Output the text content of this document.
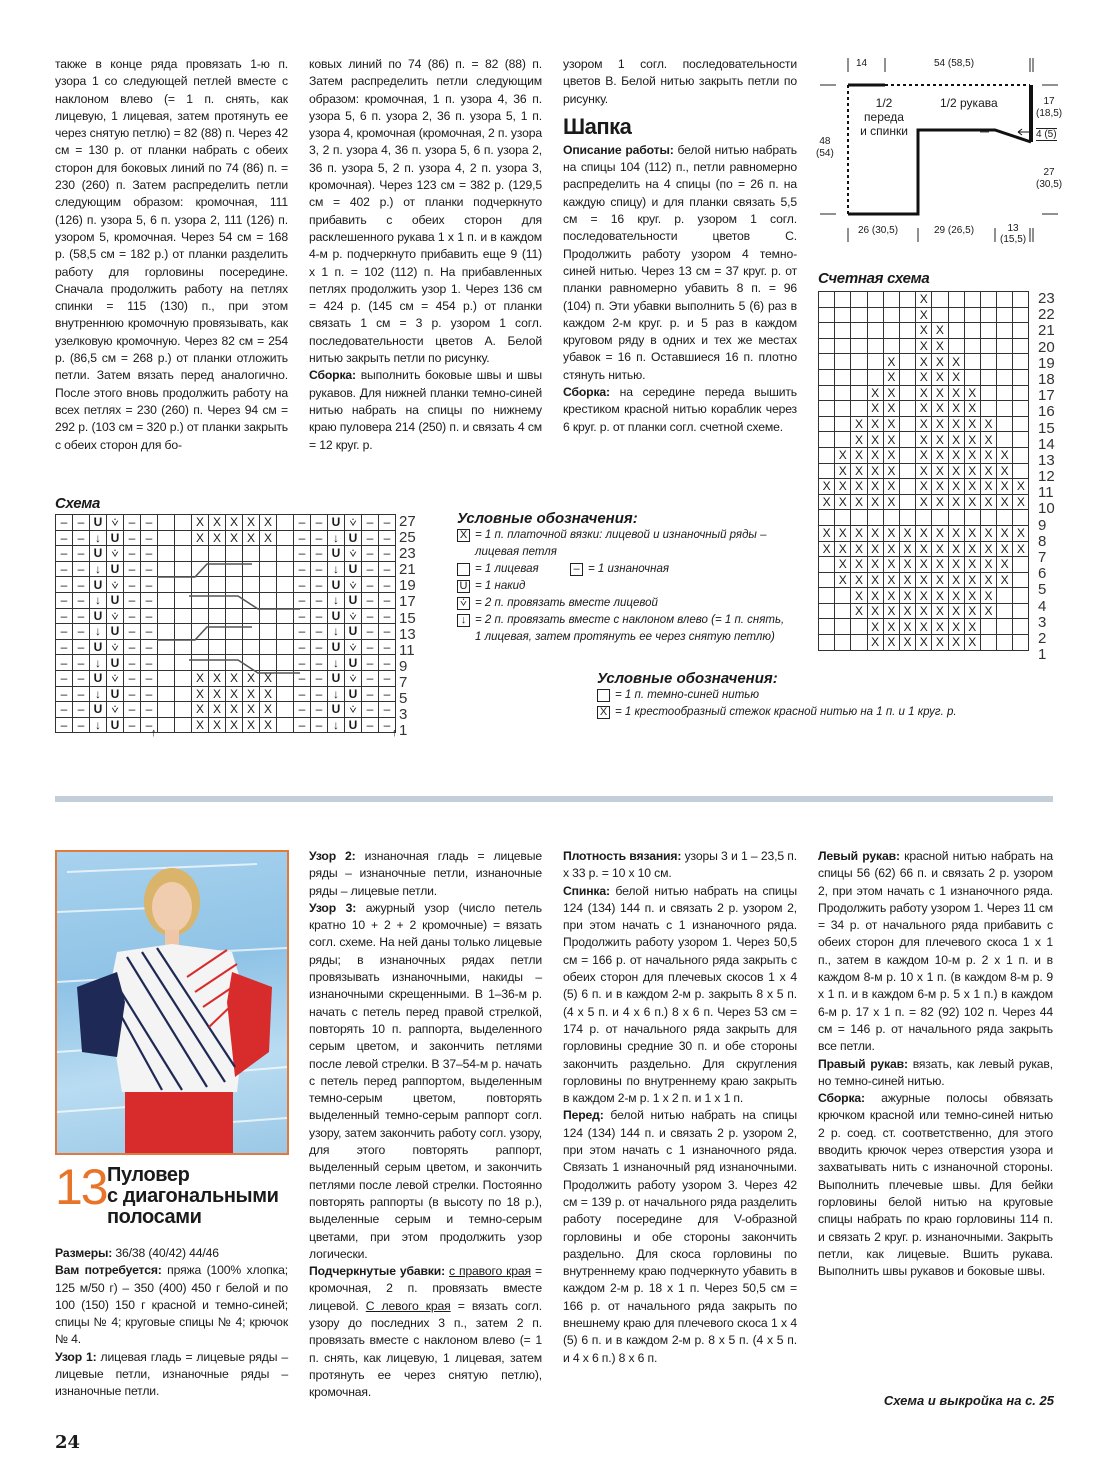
также в конце ряда провязать 1-ю п. узора 1 со следующей петлей вместе с наклоном влево (= 1 п. снять, как лицевую, 1 лицевая, затем протянуть ее через снятую петлю) = 82 (88) п. Через 42 см = 130 р. от планки набрать с обеих сторон для боковых линий по 74 (86) п. = 230 (260) п. Затем распределить петли следующим образом: кромочная, 111 (126) п. узора 5, 6 п. узора 2, 111 (126) п. узором 5, кромочная. Через 54 см = 168 р. (58,5 см = 182 р.) от планки разделить работу для горловины посередине. Сначала продолжить работу на петлях спинки = 115 (130) п., при этом внутреннюю кромочную провязывать, как узелковую кромочную. Через 82 см = 254 р. (86,5 см = 268 р.) от планки отложить петли. Затем вязать перед аналогично. После этого вновь продолжить работу на всех петлях = 230 (260) п. Через 94 см = 292 р. (103 см = 320 р.) от планки закрыть с обеих сторон для бо-

ковых линий по 74 (86) п. = 82 (88) п. Затем распределить петли следующим образом: кромочная, 1 п. узора 4, 36 п. узора 5, 6 п. узора 2, 36 п. узора 5, 1 п. узора 4, кромочная (кромочная, 2 п. узора 3, 2 п. узора 4, 36 п. узора 5, 6 п. узора 2, 36 п. узора 5, 2 п. узора 4, 2 п. узора 3, кромочная). Через 123 см = 382 р. (129,5 см = 402 р.) от планки подчеркнуто прибавить с обеих сторон для расклешенного рукава 1 х 1 п. и в каждом 4-м р. подчеркнуто прибавить еще 9 (11) х 1 п. = 102 (112) п. На прибавленных петлях продолжить узор 1. Через 136 см = 424 р. (145 см = 454 р.) от планки связать 1 см = 3 р. узором 1 согл. последовательности цветов А. Белой нитью закрыть петли по рисунку.

Сборка: выполнить боковые швы и швы рукавов. Для нижней планки темно-синей нитью набрать на спицы по нижнему краю пуловера 214 (250) п. и связать 4 см = 12 круг. р.

узором 1 согл. последовательности цветов В. Белой нитью закрыть петли по рисунку.

Шапка

Описание работы: белой нитью набрать на спицы 104 (112) п., петли равномерно распределить на 4 спицы (по = 26 п. на каждую спицу) и для планки связать 5,5 см = 16 круг. р. узором 1 согл. последовательности цветов С. Продолжить работу узором 4 темно-синей нитью. Через 13 см = 37 круг. р. от планки равномерно убавить 8 п. = 96 (104) п. Эти убавки выполнить 5 (6) раз в каждом 2-м круг. р. и 5 раз в каждом круговом ряду в одних и тех же местах убавок = 16 п. Оставшиеся 16 п. плотно стянуть нитью.

Сборка: на середине переда вышить крестиком красной нитью кораблик через 6 круг. р. от планки согл. счетной схеме.

14	54 (58,5)
48
(54)
17
(18,5)
4 (5)
27
(30,5)
26 (30,5)	29 (26,5)	13
(15,5)
1/2
переда
и спинки
1/2 рукава
Счетная схема
						X						
						X						
						X	X					
						X	X					
				X		X	X	X				
				X		X	X	X				
			X	X		X	X	X	X			
			X	X		X	X	X	X			
		X	X	X		X	X	X	X	X		
		X	X	X		X	X	X	X	X		
	X	X	X	X		X	X	X	X	X	X	
	X	X	X	X		X	X	X	X	X	X	
X	X	X	X	X		X	X	X	X	X	X	X
X	X	X	X	X		X	X	X	X	X	X	X

X	X	X	X	X	X	X	X	X	X	X	X	X
X	X	X	X	X	X	X	X	X	X	X	X	X
	X	X	X	X	X	X	X	X	X	X	X	
	X	X	X	X	X	X	X	X	X	X	X	
		X	X	X	X	X	X	X	X	X		
		X	X	X	X	X	X	X	X	X		
			X	X	X	X	X	X	X			
			X	X	X	X	X	X	X			
23
22
21
20
19
18
17
16
15
14
13
12
11
10
9
8
7
6
5
4
3
2
1
Схема
–	–	U	⩒	–	–			X	X	X	X	X		–	–	U	⩒	–	–
–	–	↓	U	–	–			X	X	X	X	X		–	–	↓	U	–	–
–	–	U	⩒	–	–									–	–	U	⩒	–	–
–	–	↓	U	–	–									–	–	↓	U	–	–
–	–	U	⩒	–	–									–	–	U	⩒	–	–
–	–	↓	U	–	–									–	–	↓	U	–	–
–	–	U	⩒	–	–									–	–	U	⩒	–	–
–	–	↓	U	–	–									–	–	↓	U	–	–
–	–	U	⩒	–	–									–	–	U	⩒	–	–
–	–	↓	U	–	–									–	–	↓	U	–	–
–	–	U	⩒	–	–			X	X	X	X	X		–	–	U	⩒	–	–
–	–	↓	U	–	–			X	X	X	X	X		–	–	↓	U	–	–
–	–	U	⩒	–	–			X	X	X	X	X		–	–	U	⩒	–	–
–	–	↓	U	–	–			X	X	X	X	X		–	–	↓	U	–	–
↑	↑
27
25
23
21
19
17
15
13
11
9
7
5
3
1
Условные обозначения:
X = 1 п. платочной вязки: лицевой и изнаночный ряды –
лицевая петля
= 1 лицевая	– = 1 изнаночная
U = 1 накид
⩒ = 2 п. провязать вместе лицевой
↓ = 2 п. провязать вместе с наклоном влево (= 1 п. снять,
1 лицевая, затем протянуть ее через снятую петлю)
Условные обозначения:
= 1 п. темно-синей нитью
X = 1 крестообразный стежок красной нитью на 1 п. и 1 круг. р.
13 Пуловер
с диагональными
полосами

Размеры: 36/38 (40/42) 44/46

Вам потребуется: пряжа (100% хлопка; 125 м/50 г) – 350 (400) 450 г белой и по 100 (150) 150 г красной и темно-синей; спицы № 4; круговые спицы № 4; крючок № 4.

Узор 1: лицевая гладь = лицевые ряды – лицевые петли, изнаночные ряды – изнаночные петли.

Узор 2: изнаночная гладь = лицевые ряды – изнаночные петли, изнаночные ряды – лицевые петли.

Узор 3: ажурный узор (число петель кратно 10 + 2 + 2 кромочные) = вязать согл. схеме. На ней даны только лицевые ряды; в изнаночных рядах петли провязывать изнаночными, накиды – изнаночными скрещенными. В 1–36-м р. начать с петель перед правой стрелкой, повторять 10 п. раппорта, выделенного серым цветом, и закончить петлями после левой стрелки. В 37–54-м р. начать с петель перед раппортом, выделенным темно-серым цветом, повторять выделенный темно-серым раппорт согл. узору, затем закончить работу согл. узору, для этого повторять раппорт, выделенный серым цветом, и закончить петлями после левой стрелки. Постоянно повторять раппорты (в высоту по 18 р.), выделенные серым и темно-серым цветами, при этом продолжить узор логически.

Подчеркнутые убавки: с правого края = кромочная, 2 п. провязать вместе лицевой. С левого края = вязать согл. узору до последних 3 п., затем 2 п. провязать вместе с наклоном влево (= 1 п. снять, как лицевую, 1 лицевая, затем протянуть ее через снятую петлю), кромочная.

Плотность вязания: узоры 3 и 1 – 23,5 п. х 33 р. = 10 х 10 см.

Спинка: белой нитью набрать на спицы 124 (134) 144 п. и связать 2 р. узором 2, при этом начать с 1 изнаночного ряда. Продолжить работу узором 1. Через 50,5 см = 166 р. от начального ряда закрыть с обеих сторон для плечевых скосов 1 х 4 (5) 6 п. и в каждом 2-м р. закрыть 8 х 5 п. (4 х 5 п. и 4 х 6 п.) 8 х 6 п. Через 53 см = 174 р. от начального ряда закрыть для горловины средние 30 п. и обе стороны закончить раздельно. Для скругления горловины по внутреннему краю закрыть в каждом 2-м р. 1 х 2 п. и 1 х 1 п.

Перед: белой нитью набрать на спицы 124 (134) 144 п. и связать 2 р. узором 2, при этом начать с 1 изнаночного ряда. Связать 1 изнаночный ряд изнаночными. Продолжить работу узором 3. Через 42 см = 139 р. от начального ряда разделить работу посередине для V-образной горловины и обе стороны закончить раздельно. Для скоса горловины по внутреннему краю подчеркнуто убавить в каждом 2-м р. 18 х 1 п. Через 50,5 см = 166 р. от начального ряда закрыть по внешнему краю для плечевого скоса 1 х 4 (5) 6 п. и в каждом 2-м р. 8 х 5 п. (4 х 5 п. и 4 х 6 п.) 8 х 6 п.

Левый рукав: красной нитью набрать на спицы 56 (62) 66 п. и связать 2 р. узором 2, при этом начать с 1 изнаночного ряда. Продолжить работу узором 1. Через 11 см = 34 р. от начального ряда прибавить с обеих сторон для плечевого скоса 1 х 1 п., затем в каждом 10-м р. 2 х 1 п. и в каждом 8-м р. 10 х 1 п. (в каждом 8-м р. 9 х 1 п. и в каждом 6-м р. 5 х 1 п.) в каждом 6-м р. 17 х 1 п. = 82 (92) 102 п. Через 44 см = 146 р. от начального ряда закрыть все петли.

Правый рукав: вязать, как левый рукав, но темно-синей нитью.

Сборка: ажурные полосы обвязать крючком красной или темно-синей нитью 2 р. соед. ст. соответственно, для этого вводить крючок через отверстия узора и захватывать нить с изнаночной стороны. Выполнить плечевые швы. Для бейки горловины белой нитью на круговые спицы набрать по краю горловины 114 п. и связать 2 круг. р. изнаночными. Закрыть петли, как лицевые. Вшить рукава. Выполнить швы рукавов и боковые швы.

Схема и выкройка на с. 25
24
